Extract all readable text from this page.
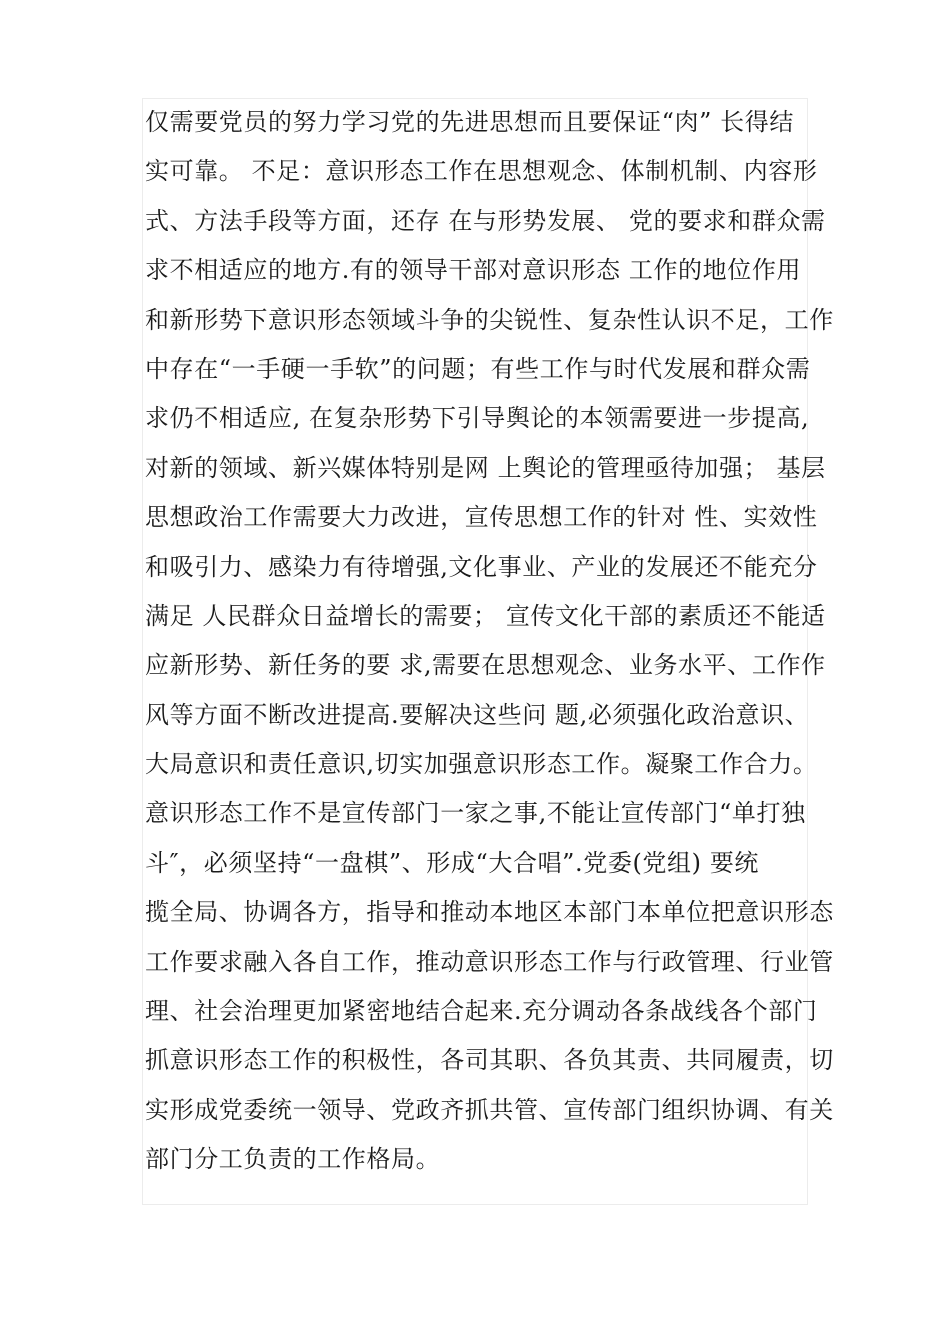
仅需要党员的努力学习党的先进思想而且要保证“肉” 长得结
实可靠。 不足：意识形态工作在思想观念、体制机制、内容形
式、方法手段等方面，还存 在与形势发展、 党的要求和群众需
求不相适应的地方.有的领导干部对意识形态 工作的地位作用
和新形势下意识形态领域斗争的尖锐性、复杂性认识不足，工作
中存在“一手硬一手软”的问题；有些工作与时代发展和群众需
求仍不相适应, 在复杂形势下引导舆论的本领需要进一步提高,
对新的领域、新兴媒体特别是网 上舆论的管理亟待加强； 基层
思想政治工作需要大力改进，宣传思想工作的针对 性、实效性
和吸引力、感染力有待增强,文化事业、产业的发展还不能充分
满足 人民群众日益增长的需要； 宣传文化干部的素质还不能适
应新形势、新任务的要 求,需要在思想观念、业务水平、工作作
风等方面不断改进提高.要解决这些问 题,必须强化政治意识、
大局意识和责任意识,切实加强意识形态工作。凝聚工作合力。
意识形态工作不是宣传部门一家之事,不能让宣传部门“单打独
斗″，必须坚持“一盘棋”、形成“大合唱”.党委(党组) 要统
揽全局、协调各方，指导和推动本地区本部门本单位把意识形态
工作要求融入各自工作，推动意识形态工作与行政管理、行业管
理、社会治理更加紧密地结合起来.充分调动各条战线各个部门
抓意识形态工作的积极性，各司其职、各负其责、共同履责，切
实形成党委统一领导、党政齐抓共管、宣传部门组织协调、有关
部门分工负责的工作格局。
